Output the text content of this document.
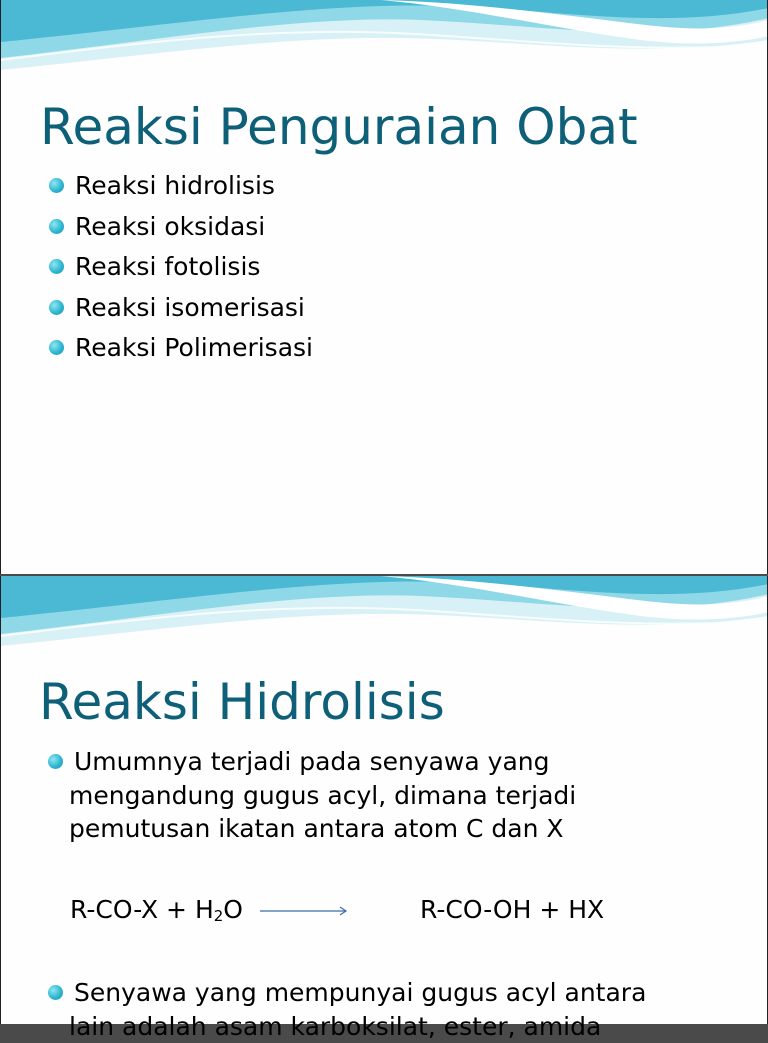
Reaksi Penguraian Obat
Reaksi hidrolisis
Reaksi oksidasi
Reaksi fotolisis
Reaksi isomerisasi
Reaksi Polimerisasi
Reaksi Hidrolisis
Umumnya terjadi pada senyawa yang
mengandung gugus acyl, dimana terjadi
pemutusan ikatan antara atom C dan X
$R-CO-X + H_2O$ →	R-CO-OH + HX
Senyawa yang mempunyai gugus acyl antara
lain adalah asam karboksilat, ester, amida
